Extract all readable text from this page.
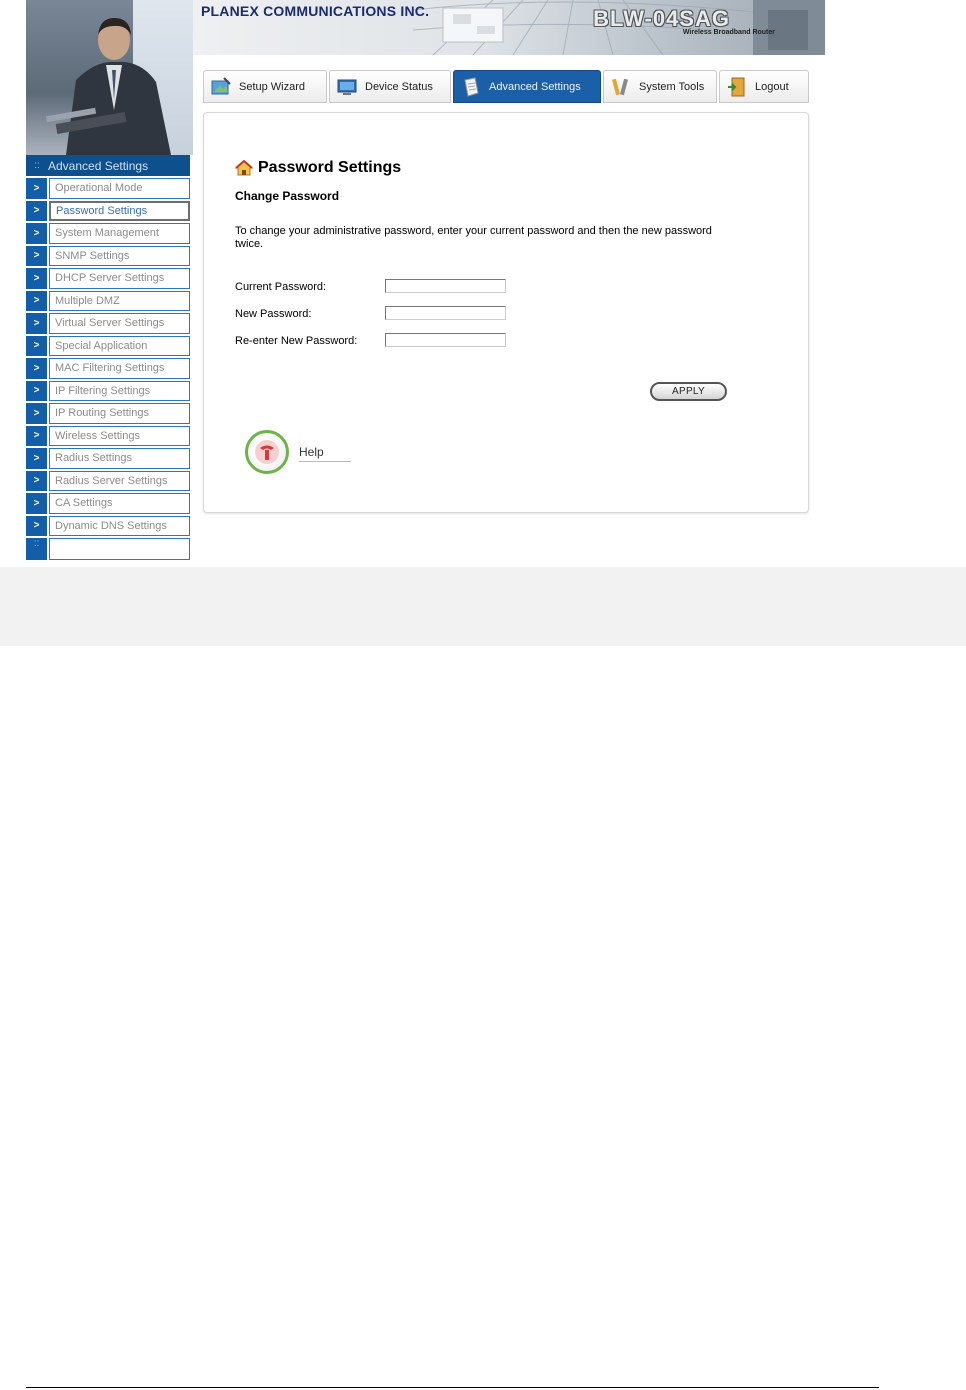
PLANEX COMMUNICATIONS INC.	BLW-04SAG
Wireless Broadband Router
:: Advanced Settings
>	Operational Mode
>	Password Settings
>	System Management
>	SNMP Settings
>	DHCP Server Settings
>	Multiple DMZ
>	Virtual Server Settings
>	Special Application
>	MAC Filtering Settings
>	IP Filtering Settings
>	IP Routing Settings
>	Wireless Settings
>	Radius Settings
>	Radius Server Settings
>	CA Settings
>	Dynamic DNS Settings
::
Setup Wizard	Device Status	Advanced Settings	System Tools	Logout
Password Settings
Change Password
To change your administrative password, enter your current password and then the new password twice.
Current Password:
New Password:
Re-enter New Password:
APPLY
Help
